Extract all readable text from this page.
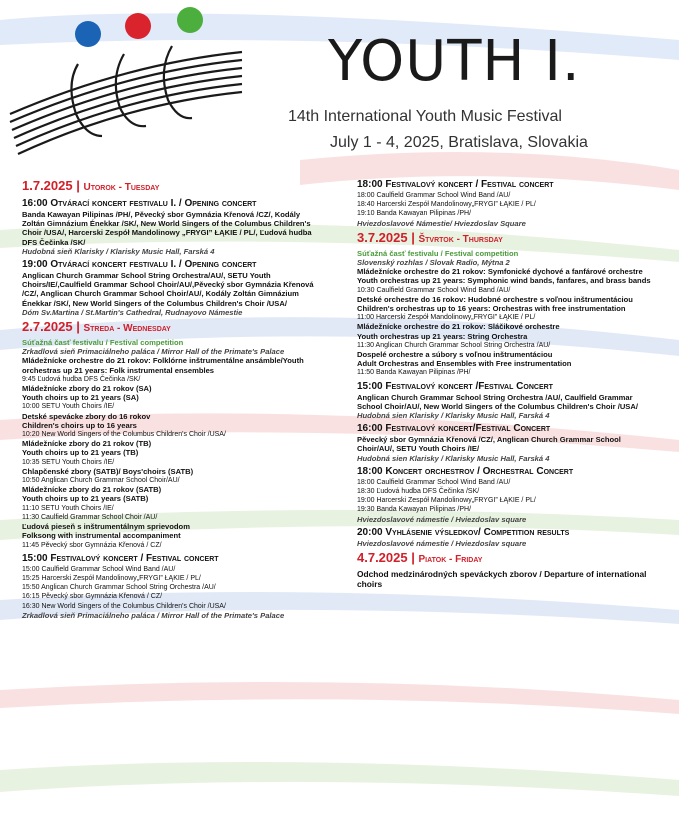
YOUTH I.
14th International Youth Music Festival
July 1 - 4, 2025, Bratislava, Slovakia
1.7.2025 | Utorok - Tuesday
16:00 Otvárací koncert festivalu I. / Opening concert
Banda Kawayan Pilipinas /PH/, Pěvecký sbor Gymnázia Křenová /CZ/, Kodály Zoltán Gimnázium Énekkar /SK/, New World Singers of the Columbus Children's Choir /USA/, Harcerski Zespół Mandolinowy „FRYGI” ŁĄKIE / PL/, Ľudová hudba DFS Čečinka /SK/
Hudobná sieň Klarisky / Klarisky Music Hall, Farská 4
19:00 Otvárací koncert festivalu I. / Opening concert
Anglican Church Grammar School String Orchestra/AU/, SETU Youth Choirs/IE/,Caulfield Grammar School Choir/AU/,Pěvecký sbor Gymnázia Křenová /CZ/, Anglican Church Grammar School Choir/AU/, Kodály Zoltán Gimnázium Énekkar /SK/, New World Singers of the Columbus Children's Choir /USA/
Dóm Sv.Martina / St.Martin's Cathedral, Rudnayovo Námestie
2.7.2025 | Streda - Wednesday
Súťažná časť festivalu / Festival competition
Zrkadlová sieň Primaciálneho paláca / Mirror Hall of the Primate's Palace
Mládežnícke orchestre do 21 rokov: Folklórne inštrumentálne ansámble/Youth orchestras up 21 years: Folk instrumental ensembles
9:45 Ľudová hudba DFS Čečinka /SK/
Mládežnícke zbory do 21 rokov (SA)
Youth choirs up to 21 years (SA)
10:00 SETU Youth Choirs /IE/
Detské spevácke zbory do 16 rokov
Children's choirs up to 16 years
10:20 New World Singers of the Columbus Children's Choir /USA/
Mládežnícke zbory do 21 rokov (TB)
Youth choirs up to 21 years (TB)
10:35 SETU Youth Choirs /IE/
Chlapčenské zbory (SATB)/ Boys'choirs (SATB)
10:50 Anglican Church Grammar School Choir/AU/
Mládežnícke zbory do 21 rokov (SATB)
Youth choirs up to 21 years (SATB)
11:10 SETU Youth Choirs /IE/
11:30 Caulfield Grammar School Choir /AU/
Ľudová pieseň s inštrumentálnym sprievodom
Folksong with instrumental accompaniment
11:45 Pěvecký sbor Gymnázia Křenová / CZ/
15:00 Festivalový koncert / Festival concert
15:00 Caulfield Grammar School Wind Band /AU/
15:25 Harcerski Zespół Mandolinowy„FRYGI” ŁĄKIE / PL/
15:50 Anglican Church Grammar School String Orchestra /AU/
16:15 Pěvecký sbor Gymnázia Křenová / CZ/
16:30 New World Singers of the Columbus Children's Choir /USA/
Zrkadlová sieň Primaciálneho paláca / Mirror Hall of the Primate's Palace
18:00 Festivalový koncert / Festival concert
18:00 Caulfield Grammar School Wind Band /AU/
18:40 Harcerski Zespół Mandolinowy„FRYGI” ŁĄKIE / PL/
19:10 Banda Kawayan Pilipinas /PH/
Hviezdoslavové Námestie/ Hviezdoslav Square
3.7.2025 | Štvrtok - Thursday
Súťažná časť festivalu / Festival competition
Slovenský rozhlas / Slovak Radio, Mýtna 2
Mládežnícke orchestre do 21 rokov: Symfonické dychové a fanfárové orchestre
Youth orchestras up 21 years: Symphonic wind bands, fanfares, and brass bands
10:30 Caulfield Grammar School Wind Band /AU/
Detské orchestre do 16 rokov: Hudobné orchestre s voľnou inštrumentáciou
Children's orchestras up to 16 years: Orchestras with free instrumentation
11:00 Harcerski Zespół Mandolinowy„FRYGI” ŁĄKIE / PL/
Mládežnícke orchestre do 21 rokov: Sláčikové orchestre
Youth orchestras up 21 years: String Orchestra
11:30 Anglican Church Grammar School String Orchestra /AU/
Dospelé orchestre a súbory s voľnou inštrumentáciou
Adult Orchestras and Ensembles with Free instrumentation
11:50 Banda Kawayan Pilipinas /PH/
15:00 Festivalový koncert /Festival Concert
Anglican Church Grammar School String Orchestra /AU/, Caulfield Grammar School Choir/AU/, New World Singers of the Columbus Children's Choir /USA/
Hudobná sien Klarisky / Klarisky Music Hall, Farská 4
16:00 Festivalový koncert/Festival Concert
Pěvecký sbor Gymnázia Křenová /CZ/, Anglican Church Grammar School Choir/AU/, SETU Youth Choirs /IE/
Hudobná sien Klarisky / Klarisky Music Hall, Farská 4
18:00 Koncert orchestrov / Orchestral Concert
18:00 Caulfield Grammar School Wind Band /AU/
18:30 Ľudová hudba DFS Čečinka /SK/
19:00 Harcerski Zespół Mandolinowy„FRYGI” ŁĄKIE / PL/
19:30 Banda Kawayan Pilipinas /PH/
Hviezdoslavové námestie / Hviezdoslav square
20:00 Vyhlásenie výsledkov/ Competition results
Hviezdoslavové námestie / Hviezdoslav square
4.7.2025 | Piatok - Friday
Odchod medzinárodných speváckych zborov / Departure of international choirs
